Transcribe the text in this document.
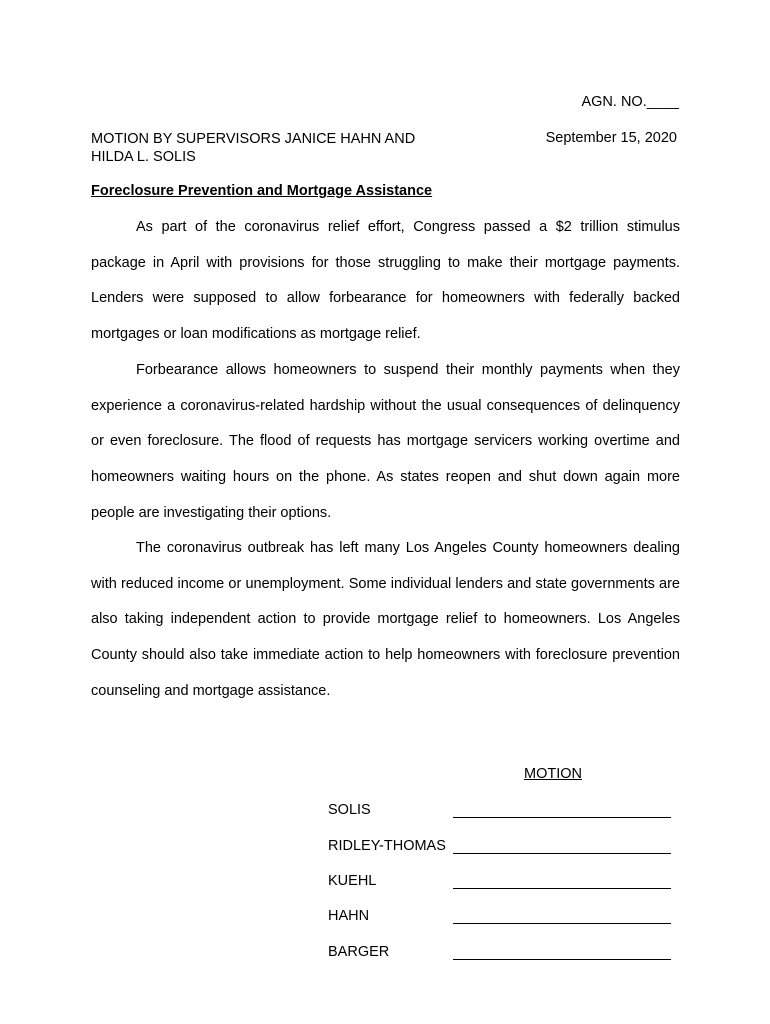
AGN. NO.____
MOTION BY SUPERVISORS JANICE HAHN AND
HILDA L. SOLIS
September 15, 2020
Foreclosure Prevention and Mortgage Assistance

As part of the coronavirus relief effort, Congress passed a $2 trillion stimulus package in April with provisions for those struggling to make their mortgage payments. Lenders were supposed to allow forbearance for homeowners with federally backed mortgages or loan modifications as mortgage relief.

Forbearance allows homeowners to suspend their monthly payments when they experience a coronavirus-related hardship without the usual consequences of delinquency or even foreclosure. The flood of requests has mortgage servicers working overtime and homeowners waiting hours on the phone. As states reopen and shut down again more people are investigating their options.

The coronavirus outbreak has left many Los Angeles County homeowners dealing with reduced income or unemployment. Some individual lenders and state governments are also taking independent action to provide mortgage relief to homeowners. Los Angeles County should also take immediate action to help homeowners with foreclosure prevention counseling and mortgage assistance.

MOTION
SOLIS
RIDLEY-THOMAS
KUEHL
HAHN
BARGER
